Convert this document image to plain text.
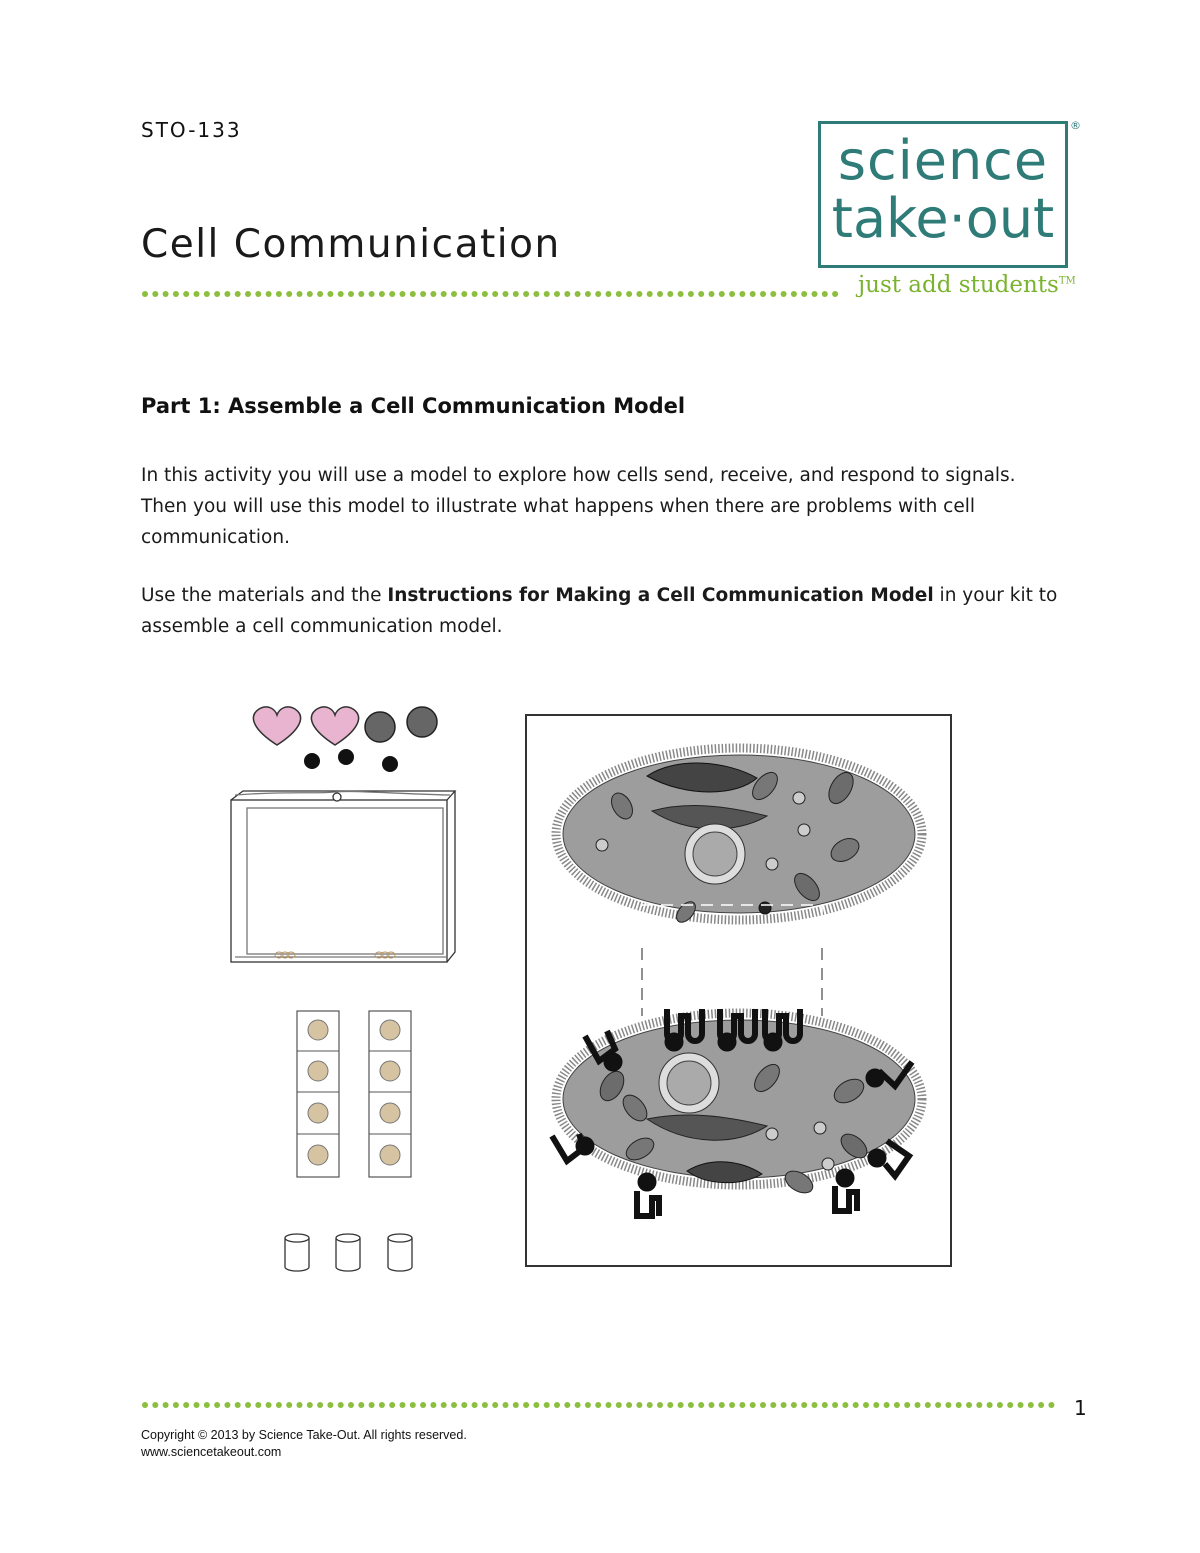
STO-133
Cell Communication
science
take·out
®
just add students™
Part 1: Assemble a Cell Communication Model
In this activity you will use a model to explore how cells send, receive, and respond to signals. Then you will use this model to illustrate what happens when there are problems with cell communication.
Use the materials and the Instructions for Making a Cell Communication Model in your kit to assemble a cell communication model.
1
Copyright © 2013 by Science Take-Out. All rights reserved.
www.sciencetakeout.com
